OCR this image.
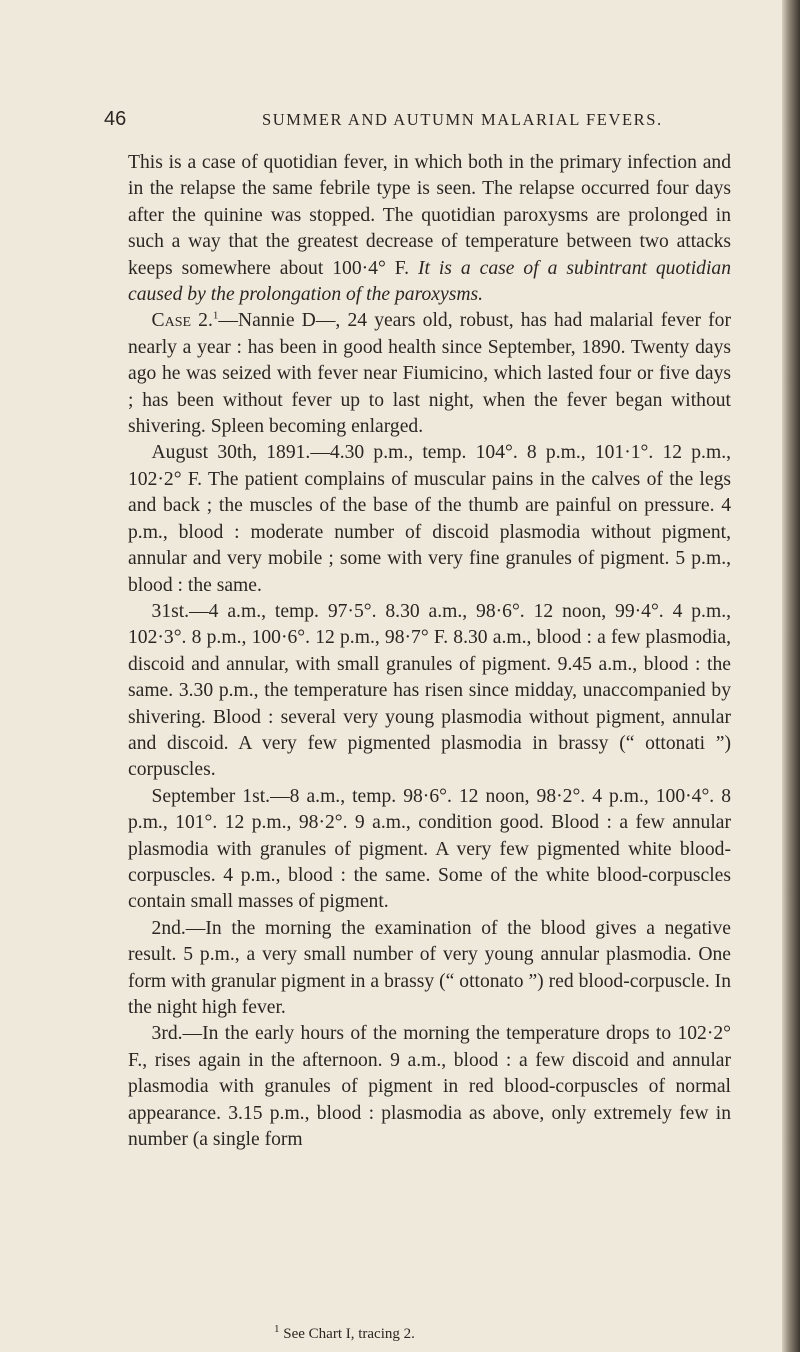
46	SUMMER AND AUTUMN MALARIAL FEVERS.

This is a case of quotidian fever, in which both in the primary infection and in the relapse the same febrile type is seen. The relapse occurred four days after the quinine was stopped. The quotidian paroxysms are prolonged in such a way that the greatest decrease of temperature between two attacks keeps somewhere about 100·4° F. It is a case of a subintrant quotidian caused by the prolongation of the paroxysms.

Case 2.$^1$—Nannie D—, 24 years old, robust, has had malarial fever for nearly a year : has been in good health since September, 1890. Twenty days ago he was seized with fever near Fiumicino, which lasted four or five days ; has been without fever up to last night, when the fever began without shivering. Spleen becoming enlarged.

August 30th, 1891.—4.30 p.m., temp. 104°. 8 p.m., 101·1°. 12 p.m., 102·2° F. The patient complains of muscular pains in the calves of the legs and back ; the muscles of the base of the thumb are painful on pressure. 4 p.m., blood : moderate number of discoid plasmodia without pigment, annular and very mobile ; some with very fine granules of pigment. 5 p.m., blood : the same.

31st.—4 a.m., temp. 97·5°. 8.30 a.m., 98·6°. 12 noon, 99·4°. 4 p.m., 102·3°. 8 p.m., 100·6°. 12 p.m., 98·7° F. 8.30 a.m., blood : a few plasmodia, discoid and annular, with small granules of pigment. 9.45 a.m., blood : the same. 3.30 p.m., the temperature has risen since midday, unaccompanied by shivering. Blood : several very young plasmodia without pigment, annular and discoid. A very few pigmented plasmodia in brassy (“ ottonati ”) corpuscles.

September 1st.—8 a.m., temp. 98·6°. 12 noon, 98·2°. 4 p.m., 100·4°. 8 p.m., 101°. 12 p.m., 98·2°. 9 a.m., condition good. Blood : a few annular plasmodia with granules of pigment. A very few pigmented white blood-corpuscles. 4 p.m., blood : the same. Some of the white blood-corpuscles contain small masses of pigment.

2nd.—In the morning the examination of the blood gives a negative result. 5 p.m., a very small number of very young annular plasmodia. One form with granular pigment in a brassy (“ ottonato ”) red blood-corpuscle. In the night high fever.

3rd.—In the early hours of the morning the temperature drops to 102·2° F., rises again in the afternoon. 9 a.m., blood : a few discoid and annular plasmodia with granules of pigment in red blood-corpuscles of normal appearance. 3.15 p.m., blood : plasmodia as above, only extremely few in number (a single form

$^1$ See Chart I, tracing 2.
